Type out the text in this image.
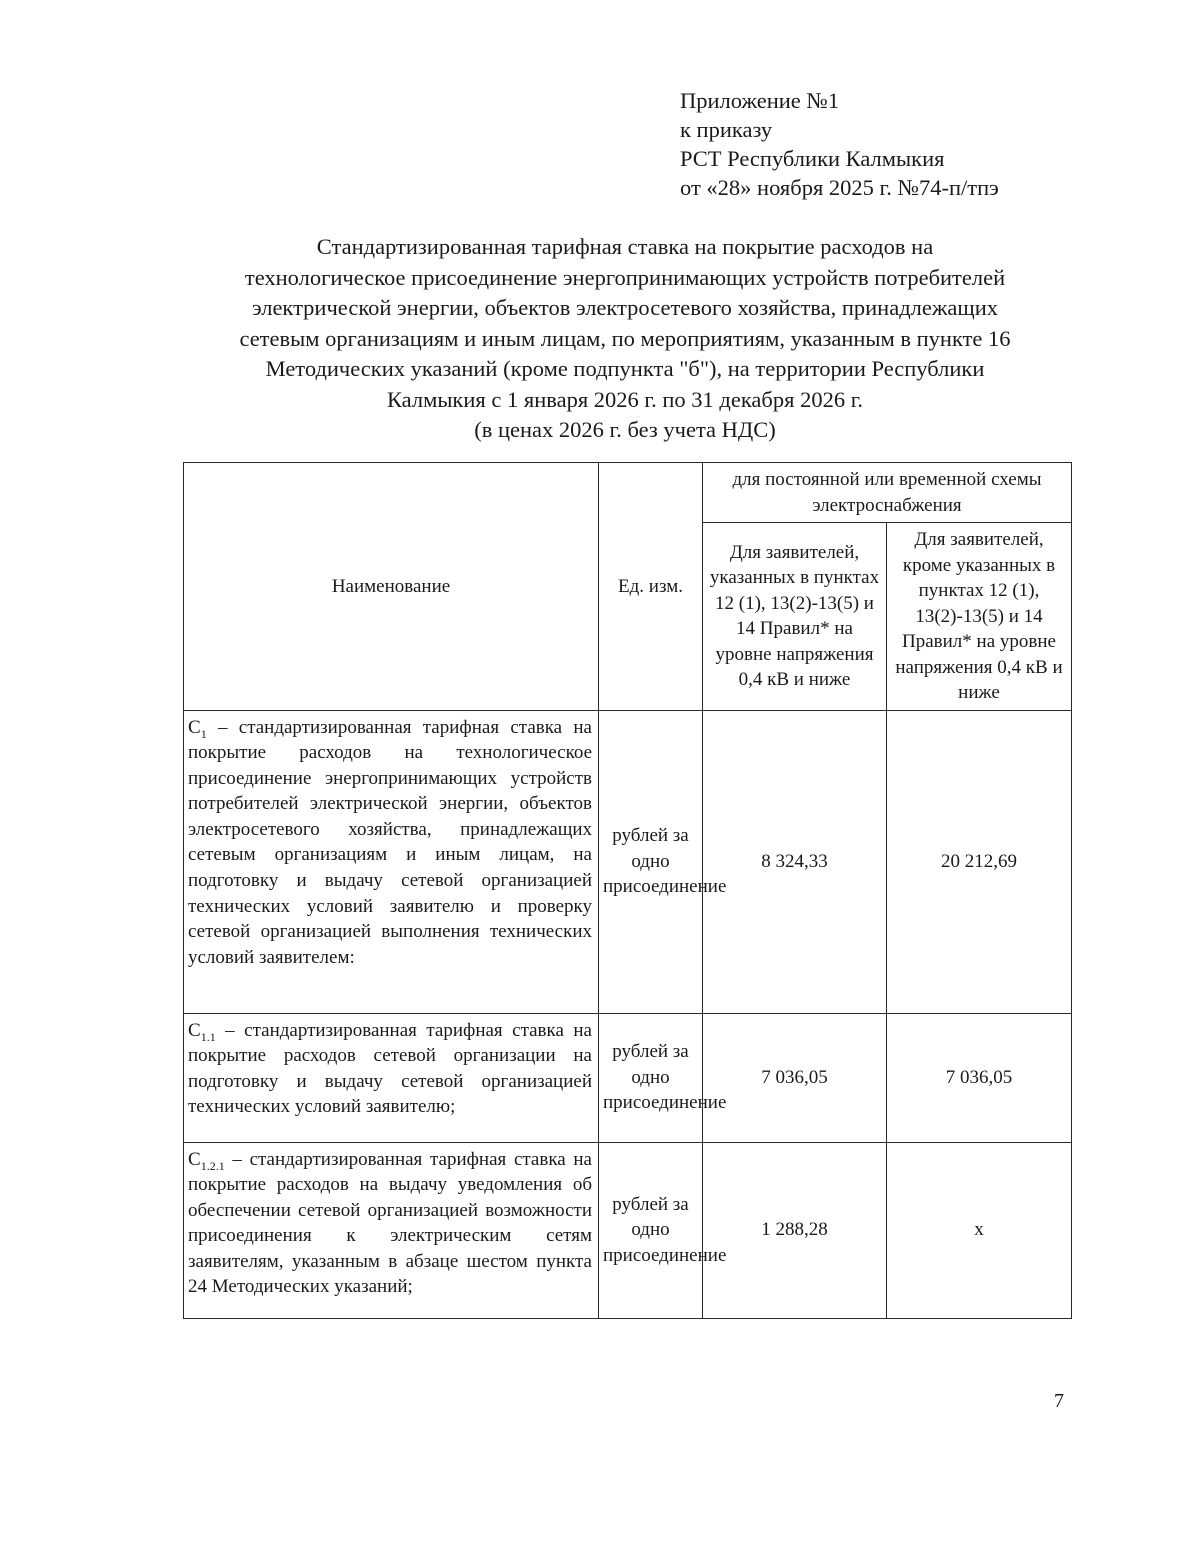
Приложение №1
к приказу
РСТ Республики Калмыкия
от «28» ноября 2025 г. №74-п/тпэ
Стандартизированная тарифная ставка на покрытие расходов на
технологическое присоединение энергопринимающих устройств потребителей
электрической энергии, объектов электросетевого хозяйства, принадлежащих
сетевым организациям и иным лицам, по мероприятиям, указанным в пункте 16
Методических указаний (кроме подпункта "б"), на территории Республики
Калмыкия с 1 января 2026 г. по 31 декабря 2026 г.
(в ценах 2026 г. без учета НДС)
Наименование	Ед. изм.	для постоянной или временной схемы электроснабжения	
		Для заявителей, указанных в пунктах 12 (1), 13(2)-13(5) и 14 Правил* на уровне напряжения 0,4 кВ и ниже	Для заявителей, кроме указанных в пунктах 12 (1), 13(2)-13(5) и 14 Правил* на уровне напряжения 0,4 кВ и ниже
$С_1$ – стандартизированная тарифная ставка на покрытие расходов на технологическое присоединение энергопринимающих устройств потребителей электрической энергии, объектов электросетевого хозяйства, принадлежащих сетевым организациям и иным лицам, на подготовку и выдачу сетевой организацией технических условий заявителю и проверку сетевой организацией выполнения технических условий заявителем:	рублей за одно присоединение	8 324,33	20 212,69
$С_{1.1}$ – стандартизированная тарифная ставка на покрытие расходов сетевой организации на подготовку и выдачу сетевой организацией технических условий заявителю;	рублей за одно присоединение	7 036,05	7 036,05
$С_{1.2.1}$ – стандартизированная тарифная ставка на покрытие расходов на выдачу уведомления об обеспечении сетевой организацией возможности присоединения к электрическим сетям заявителям, указанным в абзаце шестом пункта 24 Методических указаний;	рублей за одно присоединение	1 288,28	x
7
